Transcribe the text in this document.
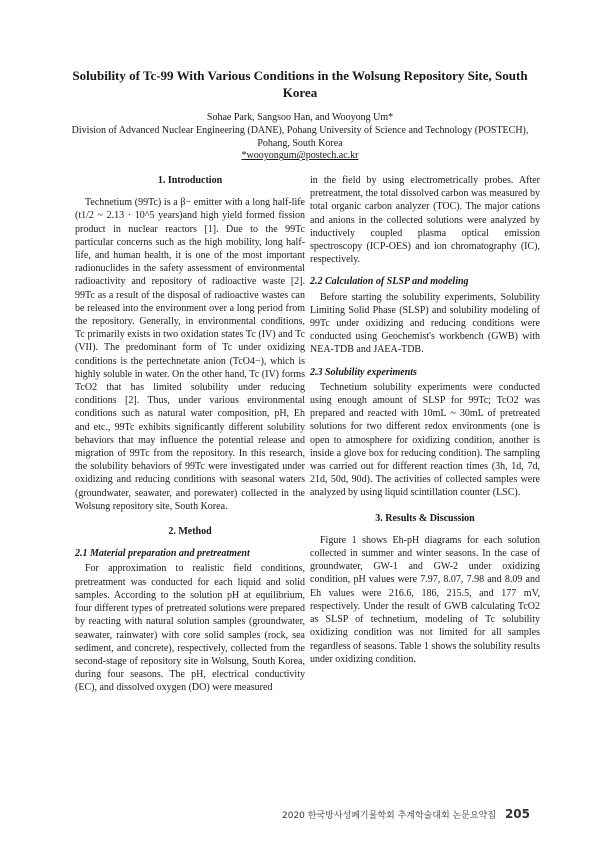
Solubility of Tc-99 With Various Conditions in the Wolsung Repository Site, South Korea
Sohae Park, Sangsoo Han, and Wooyong Um*
Division of Advanced Nuclear Engineering (DANE), Pohang University of Science and Technology (POSTECH), Pohang, South Korea
*wooyongum@postech.ac.kr
1. Introduction

Technetium (99Tc) is a β− emitter with a long half-life (t1/2 ~ 2.13 · 10^5 years)and high yield formed fission product in nuclear reactors [1]. Due to the 99Tc particular concerns such as the high mobility, long half-life, and human health, it is one of the most important radionuclides in the safety assessment of environmental radioactivity and repository of radioactive waste [2]. 99Tc as a result of the disposal of radioactive wastes can be released into the environment over a long period from the repository. Generally, in environmental conditions, Tc primarily exists in two oxidation states Tc (IV) and Tc (VII). The predominant form of Tc under oxidizing conditions is the pertechnetate anion (TcO4−), which is highly soluble in water. On the other hand, Tc (IV) forms TcO2 that has limited solubility under reducing conditions [2]. Thus, under various environmental conditions such as natural water composition, pH, Eh and etc., 99Tc exhibits significantly different solubility behaviors that may influence the potential release and migration of 99Tc from the repository. In this research, the solubility behaviors of 99Tc were investigated under oxidizing and reducing conditions with seasonal waters (groundwater, seawater, and porewater) collected in the Wolsung repository site, South Korea.

2. Method
2.1 Material preparation and pretreatment

For approximation to realistic field conditions, pretreatment was conducted for each liquid and solid samples. According to the solution pH at equilibrium, four different types of pretreated solutions were prepared by reacting with natural solution samples (groundwater, seawater, rainwater) with core solid samples (rock, sea sediment, and concrete), respectively, collected from the second-stage of repository site in Wolsung, South Korea, during four seasons. The pH, electrical conductivity (EC), and dissolved oxygen (DO) were measured

in the field by using electrometrically probes. After pretreatment, the total dissolved carbon was measured by total organic carbon analyzer (TOC). The major cations and anions in the collected solutions were analyzed by inductively coupled plasma optical emission spectroscopy (ICP-OES) and ion chromatography (IC), respectively.

2.2 Calculation of SLSP and modeling

Before starting the solubility experiments, Solubility Limiting Solid Phase (SLSP) and solubility modeling of 99Tc under oxidizing and reducing conditions were conducted using Geochemist's workbench (GWB) with NEA-TDB and JAEA-TDB.

2.3 Solubility experiments

Technetium solubility experiments were conducted using enough amount of SLSP for 99Tc; TcO2 was prepared and reacted with 10mL ~ 30mL of pretreated solutions for two different redox environments (one is open to atmosphere for oxidizing condition, another is inside a glove box for reducing condition). The sampling was carried out for different reaction times (3h, 1d, 7d, 21d, 50d, 90d). The activities of collected samples were analyzed by using liquid scintillation counter (LSC).

3. Results & Discussion

Figure 1 shows Eh-pH diagrams for each solution collected in summer and winter seasons. In the case of groundwater, GW-1 and GW-2 under oxidizing condition, pH values were 7.97, 8.07, 7.98 and 8.09 and Eh values were 216.6, 186, 215.5, and 177 mV, respectively. Under the result of GWB calculating TcO2 as SLSP of technetium, modeling of Tc solubility oxidizing condition was not limited for all samples regardless of seasons. Table 1 shows the solubility results under oxidizing condition.

2020 한국방사성폐기물학회 추계학술대회 논문요약집 205
